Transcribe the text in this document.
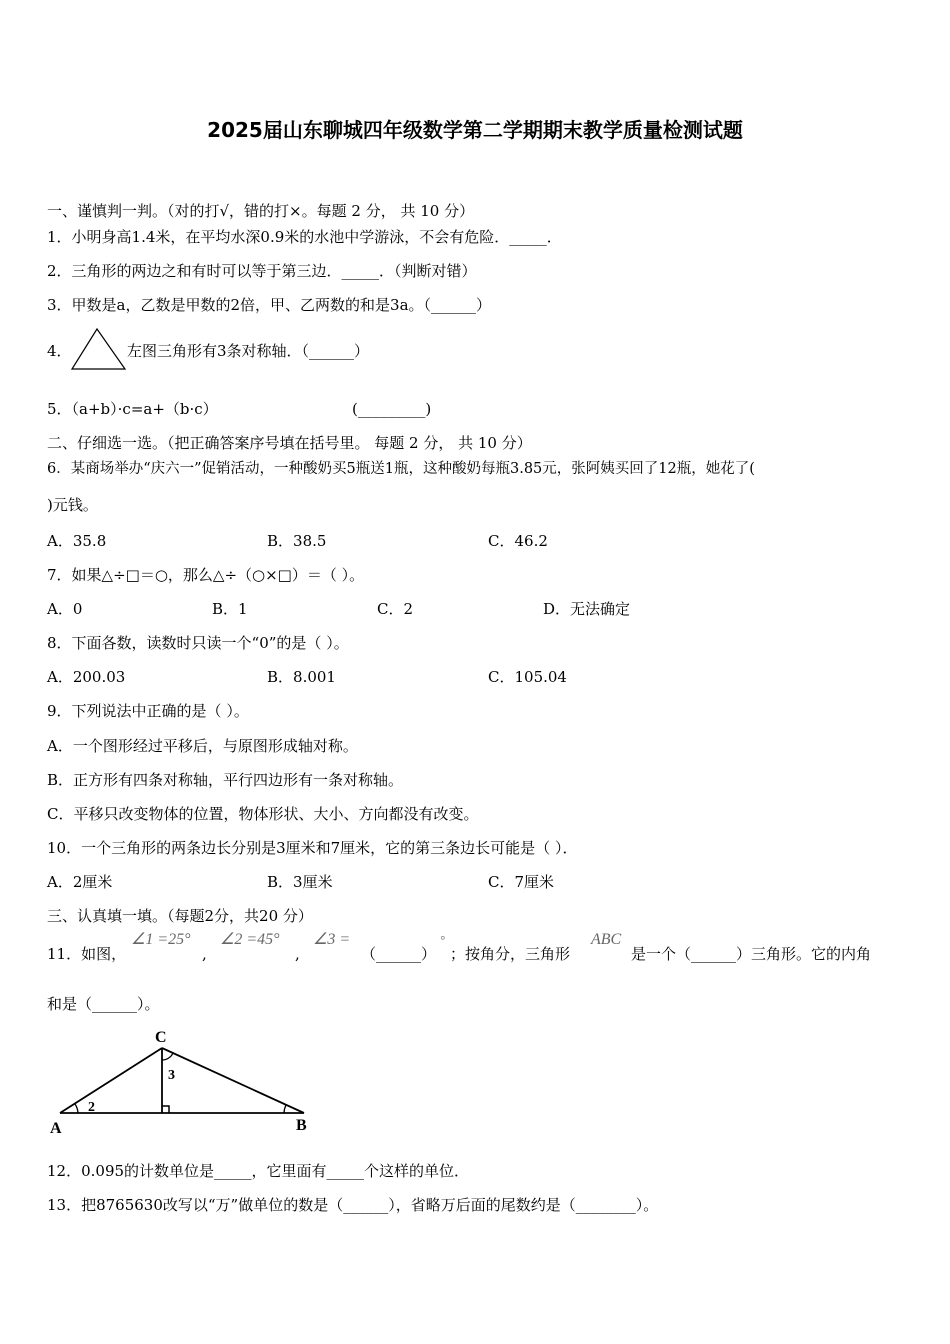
2025届山东聊城四年级数学第二学期期末教学质量检测试题
一、谨慎判一判。（对的打√，错的打×。每题 2 分， 共 10 分）
1．小明身高1.4米，在平均水深0.9米的水池中学游泳，不会有危险．_____．
2．三角形的两边之和有时可以等于第三边．_____．（判断对错）
3．甲数是a，乙数是甲数的2倍，甲、乙两数的和是3a。（______）
4．	左图三角形有3条对称轴．（______）
5．（a+b）·c=a+（b·c）	(_________)
二、仔细选一选。（把正确答案序号填在括号里。 每题 2 分， 共 10 分）
6．某商场举办“庆六一”促销活动，一种酸奶买5瓶送1瓶，这种酸奶每瓶3.85元，张阿姨买回了12瓶，她花了(
)元钱。
A．35.8	B．38.5	C．46.2
7．如果△÷□＝○，那么△÷（○×□）＝（ ）。
A．0	B．1	C．2	D．无法确定
8．下面各数，读数时只读一个“0”的是（ ）。
A．200.03	B．8.001	C．105.04
9．下列说法中正确的是（ ）。
A．一个图形经过平移后，与原图形成轴对称。
B．正方形有四条对称轴，平行四边形有一条对称轴。
C．平移只改变物体的位置，物体形状、大小、方向都没有改变。
10．一个三角形的两条边长分别是3厘米和7厘米，它的第三条边长可能是（ ）．
A．2厘米	B．3厘米	C．7厘米
三、认真填一填。（每题2分，共20 分）
11．如图，
∠1 =25°
,
∠2 =45°
,
∠3 =
（______）
°
；按角分，三角形
ABC
是一个（______）三角形。它的内角
和是（______）。
2
3
C
A	B
12．0.095的计数单位是_____，它里面有_____个这样的单位．
13．把8765630改写以“万”做单位的数是（______），省略万后面的尾数约是（________）。
